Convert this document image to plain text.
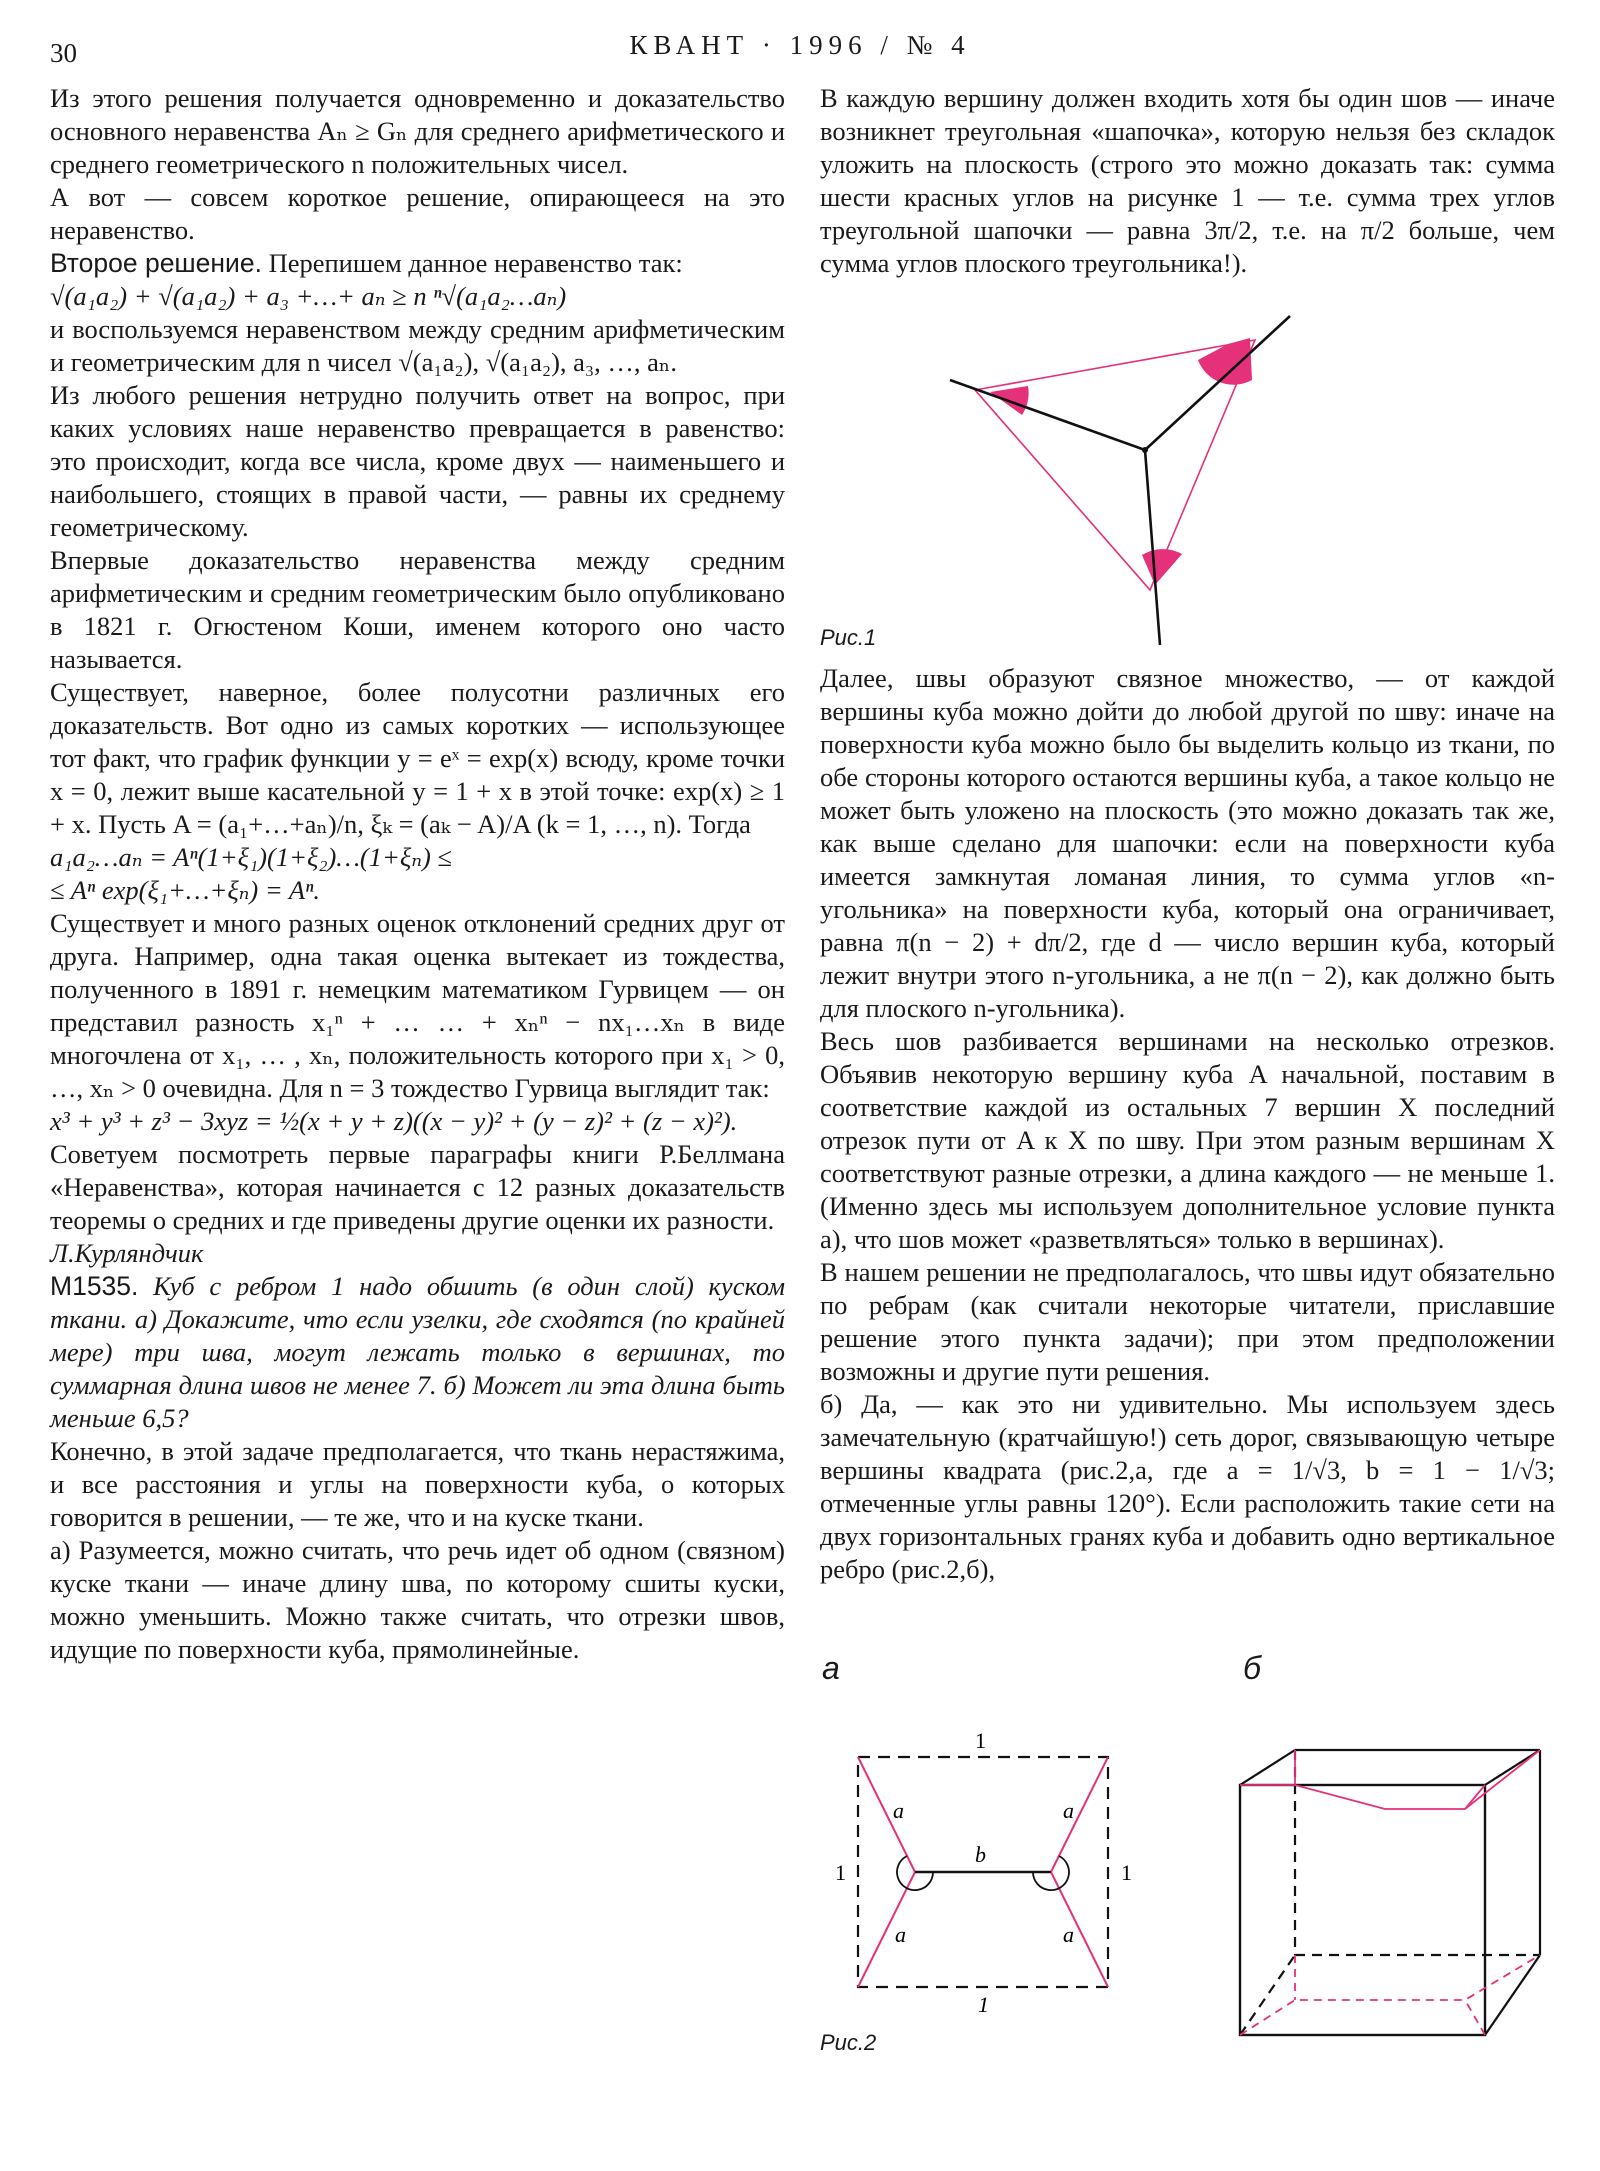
30	КВАНТ · 1996 / № 4

Из этого решения получается одновременно и доказательство основного неравенства Aₙ ≥ Gₙ для среднего арифметического и среднего геометрического n положительных чисел.

А вот — совсем короткое решение, опирающееся на это неравенство.

Второе решение. Перепишем данное неравенство так:

√(a₁a₂) + √(a₁a₂) + a₃ +…+ aₙ ≥ n ⁿ√(a₁a₂…aₙ)

и воспользуемся неравенством между средним арифметическим и геометрическим для n чисел √(a₁a₂), √(a₁a₂), a₃, …, aₙ.

Из любого решения нетрудно получить ответ на вопрос, при каких условиях наше неравенство превращается в равенство: это происходит, когда все числа, кроме двух — наименьшего и наибольшего, стоящих в правой части, — равны их среднему геометрическому.

Впервые доказательство неравенства между средним арифметическим и средним геометрическим было опубликовано в 1821 г. Огюстеном Коши, именем которого оно часто называется.

Существует, наверное, более полусотни различных его доказательств. Вот одно из самых коротких — использующее тот факт, что график функции y = eˣ = exp(x) всюду, кроме точки x = 0, лежит выше касательной y = 1 + x в этой точке: exp(x) ≥ 1 + x. Пусть A = (a₁+…+aₙ)/n, ξₖ = (aₖ − A)/A (k = 1, …, n). Тогда

a₁a₂…aₙ = Aⁿ(1+ξ₁)(1+ξ₂)…(1+ξₙ) ≤

≤ Aⁿ exp(ξ₁+…+ξₙ) = Aⁿ.

Существует и много разных оценок отклонений средних друг от друга. Например, одна такая оценка вытекает из тождества, полученного в 1891 г. немецким математиком Гурвицем — он представил разность x₁ⁿ + … … + xₙⁿ − nx₁…xₙ в виде многочлена от x₁, … , xₙ, положительность которого при x₁ > 0, …, xₙ > 0 очевидна. Для n = 3 тождество Гурвица выглядит так:

x³ + y³ + z³ − 3xyz = ½(x + y + z)((x − y)² + (y − z)² + (z − x)²).

Советуем посмотреть первые параграфы книги Р.Беллмана «Неравенства», которая начинается с 12 разных доказательств теоремы о средних и где приведены другие оценки их разности.

Л.Курляндчик

М1535. Куб с ребром 1 надо обшить (в один слой) куском ткани. а) Докажите, что если узелки, где сходятся (по крайней мере) три шва, могут лежать только в вершинах, то суммарная длина швов не менее 7. б) Может ли эта длина быть меньше 6,5?

Конечно, в этой задаче предполагается, что ткань нерастяжима, и все расстояния и углы на поверхности куба, о которых говорится в решении, — те же, что и на куске ткани.

а) Разумеется, можно считать, что речь идет об одном (связном) куске ткани — иначе длину шва, по которому сшиты куски, можно уменьшить. Можно также считать, что отрезки швов, идущие по поверхности куба, прямолинейные.

В каждую вершину должен входить хотя бы один шов — иначе возникнет треугольная «шапочка», которую нельзя без складок уложить на плоскость (строго это можно доказать так: сумма шести красных углов на рисунке 1 — т.е. сумма трех углов треугольной шапочки — равна 3π/2, т.е. на π/2 больше, чем сумма углов плоского треугольника!).

Рис.1

Далее, швы образуют связное множество, — от каждой вершины куба можно дойти до любой другой по шву: иначе на поверхности куба можно было бы выделить кольцо из ткани, по обе стороны которого остаются вершины куба, а такое кольцо не может быть уложено на плоскость (это можно доказать так же, как выше сделано для шапочки: если на поверхности куба имеется замкнутая ломаная линия, то сумма углов «n-угольника» на поверхности куба, который она ограничивает, равна π(n − 2) + dπ/2, где d — число вершин куба, который лежит внутри этого n-угольника, а не π(n − 2), как должно быть для плоского n-угольника).

Весь шов разбивается вершинами на несколько отрезков. Объявив некоторую вершину куба A начальной, поставим в соответствие каждой из остальных 7 вершин X последний отрезок пути от A к X по шву. При этом разным вершинам X соответствуют разные отрезки, а длина каждого — не меньше 1. (Именно здесь мы используем дополнительное условие пункта а), что шов может «разветвляться» только в вершинах).

В нашем решении не предполагалось, что швы идут обязательно по ребрам (как считали некоторые читатели, приславшие решение этого пункта задачи); при этом предположении возможны и другие пути решения.

б) Да, — как это ни удивительно. Мы используем здесь замечательную (кратчайшую!) сеть дорог, связывающую четыре вершины квадрата (рис.2,а, где a = 1/√3, b = 1 − 1/√3; отмеченные углы равны 120°). Если расположить такие сети на двух горизонтальных гранях куба и добавить одно вертикальное ребро (рис.2,б),

а	б
1
1
1	1
a	a
a	a
b
Рис.2
